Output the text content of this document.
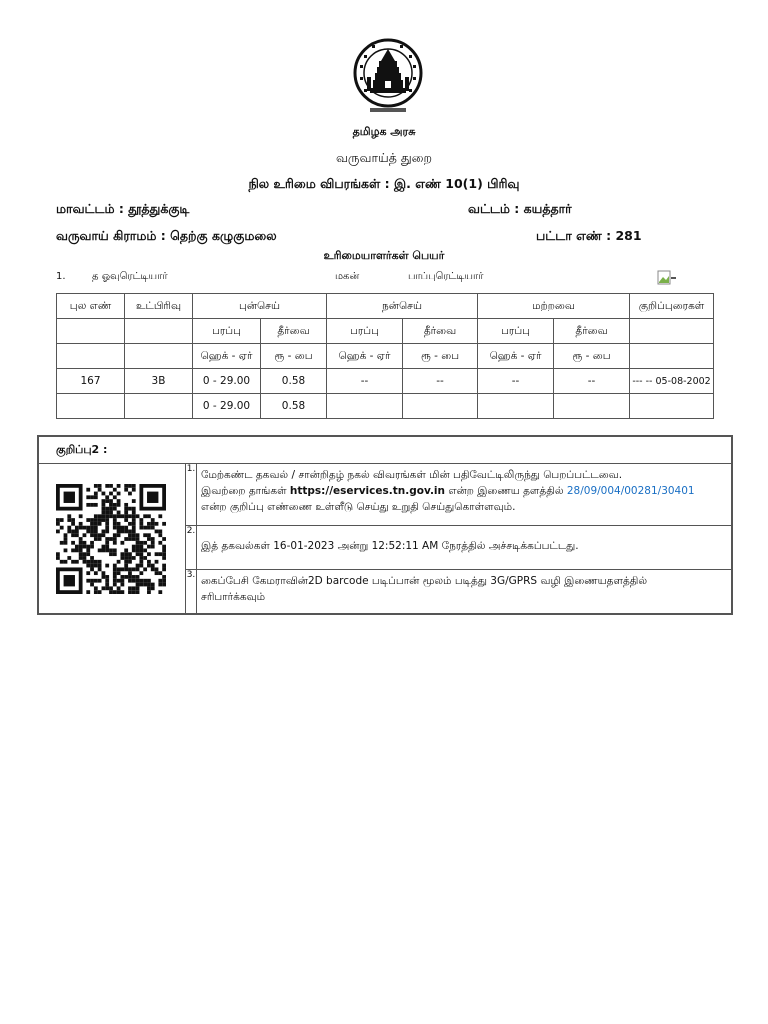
தமிழக அரசு
வருவாய்த் துறை
நில உரிமை விபரங்கள் : இ. எண் 10(1) பிரிவு
மாவட்டம் : தூத்துக்குடி	வட்டம் : கயத்தார்
வருவாய் கிராமம் : தெற்கு கழுகுமலை	பட்டா எண் : 281
உரிமையாளர்கள் பெயர்
1.	த ஓவுரெட்டியார்	மகன்	பாப்புரெட்டியார்
புல எண்	உட்பிரிவு	புன்செய்		நன்செய்		மற்றவை		குறிப்புரைகள்
		பரப்பு	தீர்வை	பரப்பு	தீர்வை	பரப்பு	தீர்வை	
		ஹெக் - ஏர்	ரூ - பை	ஹெக் - ஏர்	ரூ - பை	ஹெக் - ஏர்	ரூ - பை	
167	3B	0 - 29.00	0.58	--	--	--	--	--- -- 05-08-2002
		0 - 29.00	0.58					
குறிப்பு2 :
1. மேற்கண்ட தகவல் / சான்றிதழ் நகல் விவரங்கள் மின் பதிவேட்டிலிருந்து பெறப்பட்டவை.
இவற்றை தாங்கள் https://eservices.tn.gov.in என்ற இணைய தளத்தில் 28/09/004/00281/30401
என்ற குறிப்பு எண்ணை உள்ளீடு செய்து உறுதி செய்துகொள்ளவும்.
2.
இத் தகவல்கள் 16-01-2023 அன்று 12:52:11 AM நேரத்தில் அச்சடிக்கப்பட்டது.
3. கைப்பேசி கேமராவின்2D barcode படிப்பான் மூலம் படித்து 3G/GPRS வழி இணையதளத்தில்
சரிபார்க்கவும்
